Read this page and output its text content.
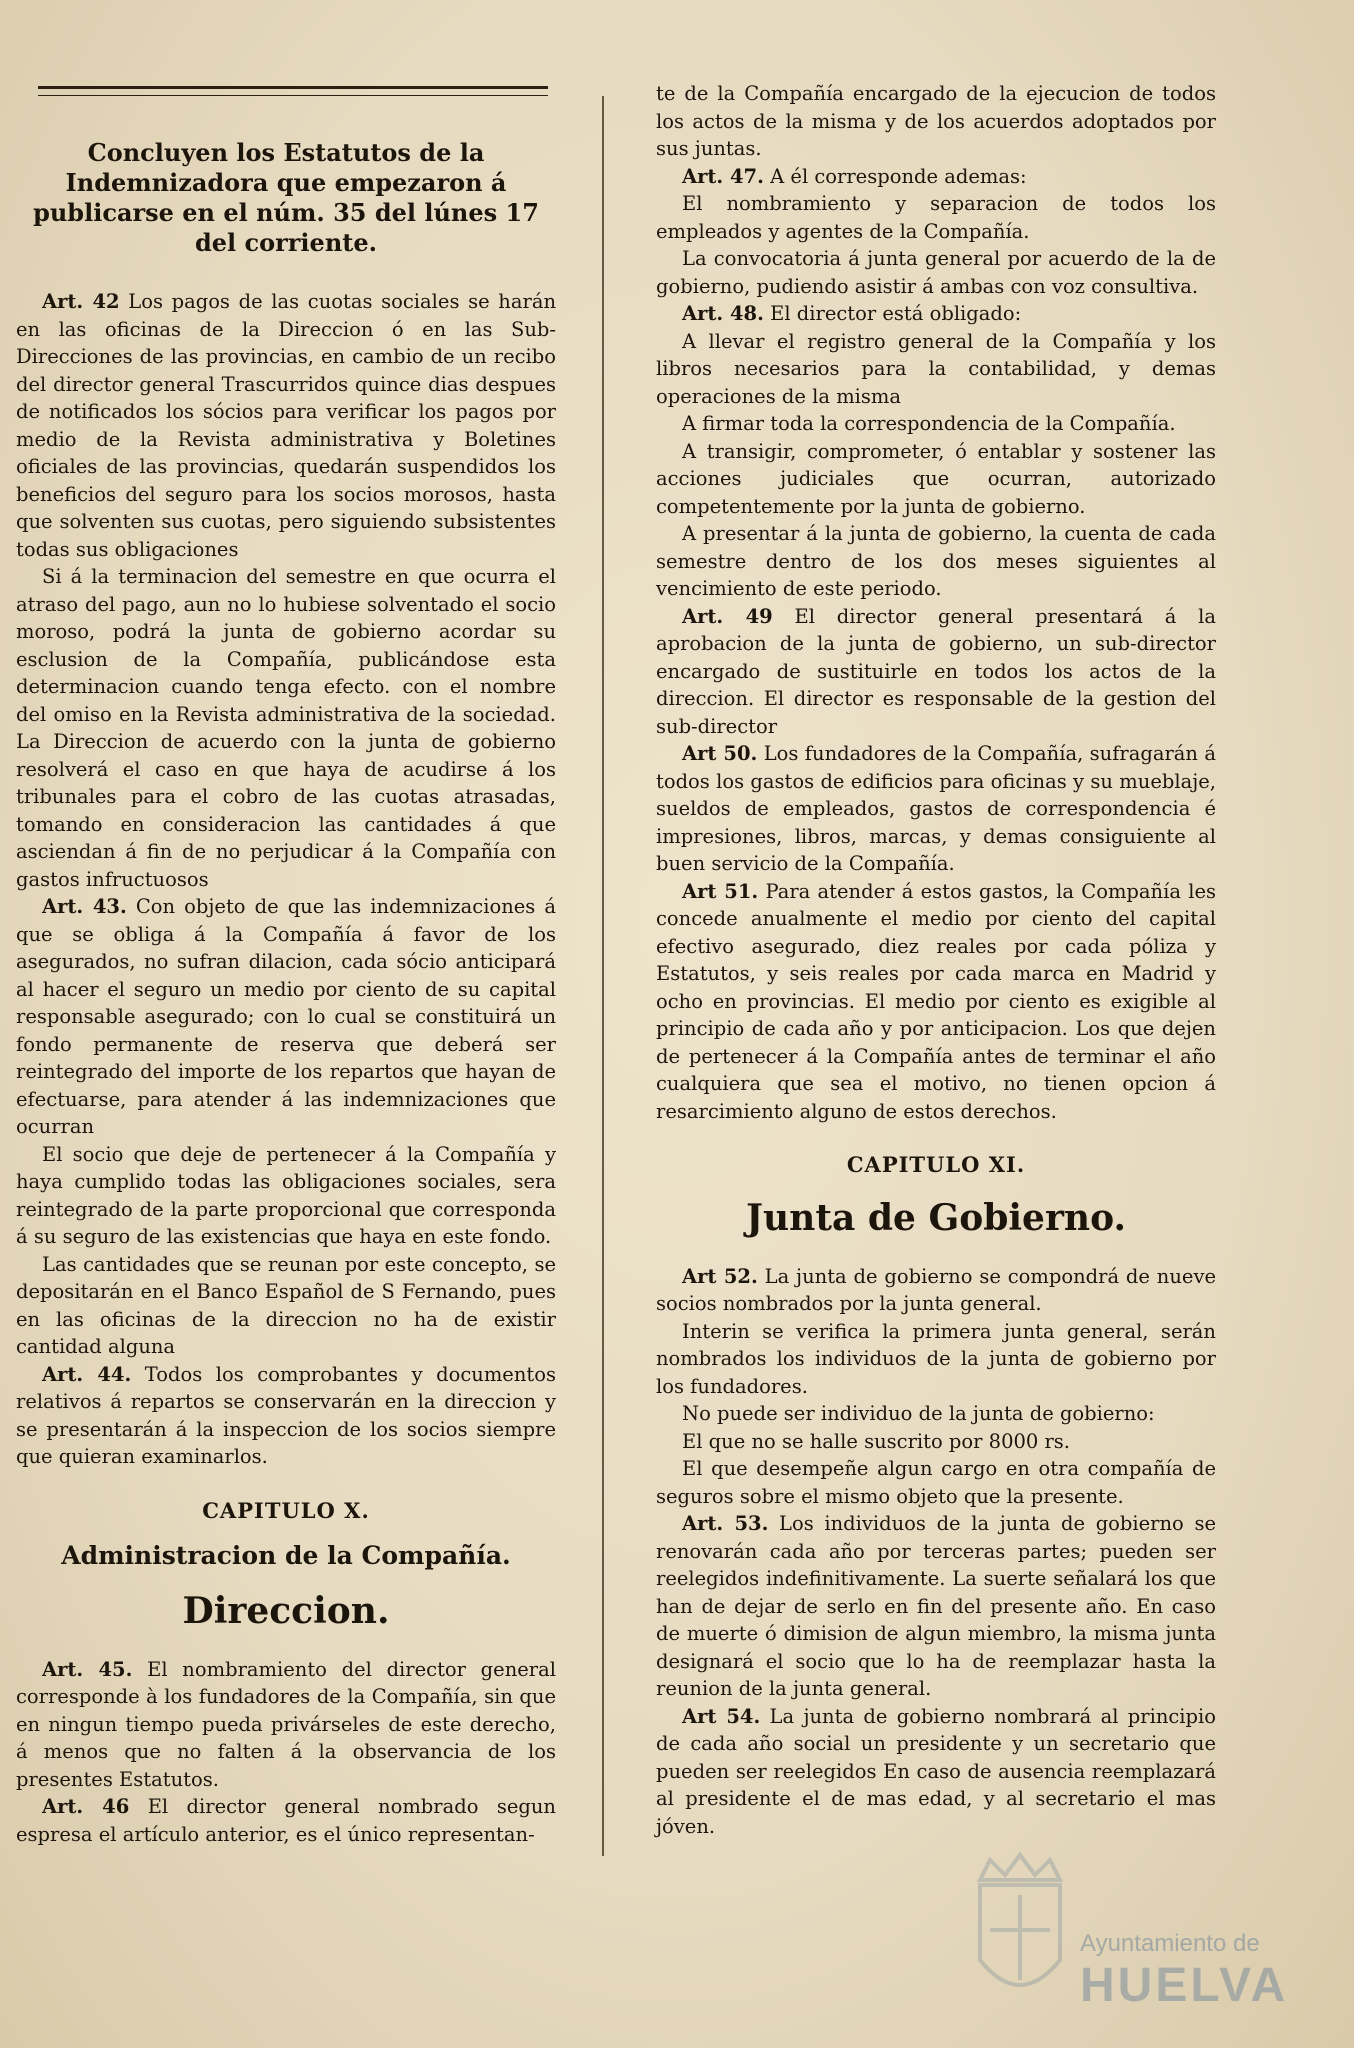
Concluyen los Estatutos de la Indemnizadora que empezaron á publicarse en el núm. 35 del lúnes 17 del corriente.

Art. 42 Los pagos de las cuotas sociales se harán en las oficinas de la Direccion ó en las Sub-Direcciones de las provincias, en cambio de un recibo del director general Trascurridos quince dias despues de notificados los sócios para verificar los pagos por medio de la Revista administrativa y Boletines oficiales de las provincias, quedarán suspendidos los beneficios del seguro para los socios morosos, hasta que solventen sus cuotas, pero siguiendo subsistentes todas sus obligaciones

Si á la terminacion del semestre en que ocurra el atraso del pago, aun no lo hubiese solventado el socio moroso, podrá la junta de gobierno acordar su esclusion de la Compañía, publicándose esta determinacion cuando tenga efecto. con el nombre del omiso en la Revista administrativa de la sociedad. La Direccion de acuerdo con la junta de gobierno resolverá el caso en que haya de acudirse á los tribunales para el cobro de las cuotas atrasadas, tomando en consideracion las cantidades á que asciendan á fin de no perjudicar á la Compañía con gastos infructuosos

Art. 43. Con objeto de que las indemnizaciones á que se obliga á la Compañía á favor de los asegurados, no sufran dilacion, cada sócio anticipará al hacer el seguro un medio por ciento de su capital responsable asegurado; con lo cual se constituirá un fondo permanente de reserva que deberá ser reintegrado del importe de los repartos que hayan de efectuarse, para atender á las indemnizaciones que ocurran

El socio que deje de pertenecer á la Compañía y haya cumplido todas las obligaciones sociales, sera reintegrado de la parte proporcional que corresponda á su seguro de las existencias que haya en este fondo.

Las cantidades que se reunan por este concepto, se depositarán en el Banco Español de S Fernando, pues en las oficinas de la direccion no ha de existir cantidad alguna

Art. 44. Todos los comprobantes y documentos relativos á repartos se conservarán en la direccion y se presentarán á la inspeccion de los socios siempre que quieran examinarlos.

CAPITULO X.
Administracion de la Compañía.
Direccion.

Art. 45. El nombramiento del director general corresponde à los fundadores de la Compañía, sin que en ningun tiempo pueda privárseles de este derecho, á menos que no falten á la observancia de los presentes Estatutos.

Art. 46 El director general nombrado segun espresa el artículo anterior, es el único representan-

te de la Compañía encargado de la ejecucion de todos los actos de la misma y de los acuerdos adoptados por sus juntas.

Art. 47. A él corresponde ademas:

El nombramiento y separacion de todos los empleados y agentes de la Compañía.

La convocatoria á junta general por acuerdo de la de gobierno, pudiendo asistir á ambas con voz consultiva.

Art. 48. El director está obligado:

A llevar el registro general de la Compañía y los libros necesarios para la contabilidad, y demas operaciones de la misma

A firmar toda la correspondencia de la Compañía.

A transigir, comprometer, ó entablar y sostener las acciones judiciales que ocurran, autorizado competentemente por la junta de gobierno.

A presentar á la junta de gobierno, la cuenta de cada semestre dentro de los dos meses siguientes al vencimiento de este periodo.

Art. 49 El director general presentará á la aprobacion de la junta de gobierno, un sub-director encargado de sustituirle en todos los actos de la direccion. El director es responsable de la gestion del sub-director

Art 50. Los fundadores de la Compañía, sufragarán á todos los gastos de edificios para oficinas y su mueblaje, sueldos de empleados, gastos de correspondencia é impresiones, libros, marcas, y demas consiguiente al buen servicio de la Compañía.

Art 51. Para atender á estos gastos, la Compañía les concede anualmente el medio por ciento del capital efectivo asegurado, diez reales por cada póliza y Estatutos, y seis reales por cada marca en Madrid y ocho en provincias. El medio por ciento es exigible al principio de cada año y por anticipacion. Los que dejen de pertenecer á la Compañía antes de terminar el año cualquiera que sea el motivo, no tienen opcion á resarcimiento alguno de estos derechos.

CAPITULO XI.
Junta de Gobierno.

Art 52. La junta de gobierno se compondrá de nueve socios nombrados por la junta general.

Interin se verifica la primera junta general, serán nombrados los individuos de la junta de gobierno por los fundadores.

No puede ser individuo de la junta de gobierno:

El que no se halle suscrito por 8000 rs.

El que desempeñe algun cargo en otra compañía de seguros sobre el mismo objeto que la presente.

Art. 53. Los individuos de la junta de gobierno se renovarán cada año por terceras partes; pueden ser reelegidos indefinitivamente. La suerte señalará los que han de dejar de serlo en fin del presente año. En caso de muerte ó dimision de algun miembro, la misma junta designará el socio que lo ha de reemplazar hasta la reunion de la junta general.

Art 54. La junta de gobierno nombrará al principio de cada año social un presidente y un secretario que pueden ser reelegidos En caso de ausencia reemplazará al presidente el de mas edad, y al secretario el mas jóven.

Ayuntamiento de
HUELVA
